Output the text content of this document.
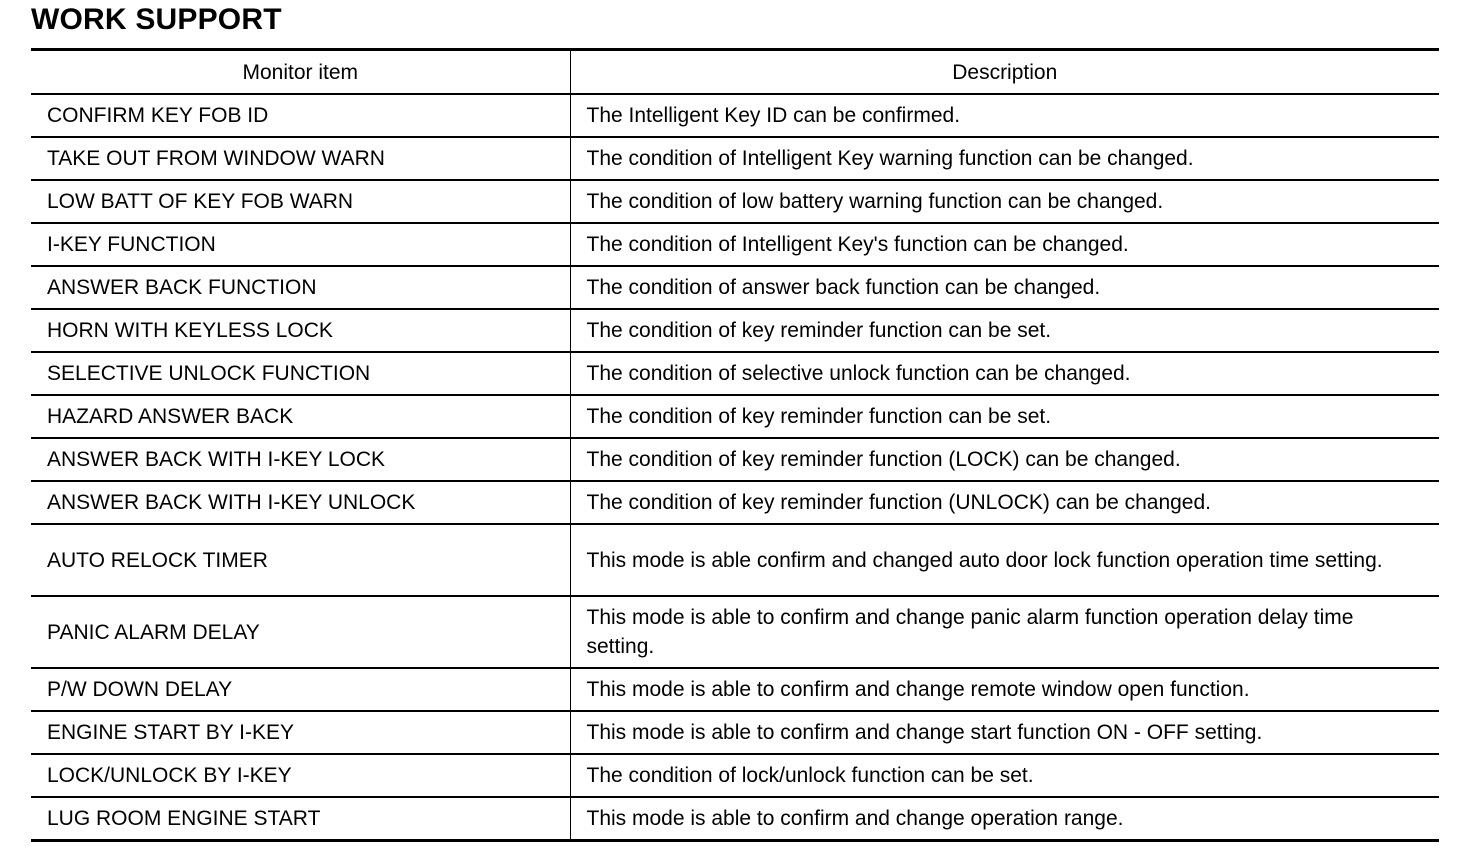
WORK SUPPORT
Monitor item	Description
CONFIRM KEY FOB ID	The Intelligent Key ID can be confirmed.
TAKE OUT FROM WINDOW WARN	The condition of Intelligent Key warning function can be changed.
LOW BATT OF KEY FOB WARN	The condition of low battery warning function can be changed.
I-KEY FUNCTION	The condition of Intelligent Key's function can be changed.
ANSWER BACK FUNCTION	The condition of answer back function can be changed.
HORN WITH KEYLESS LOCK	The condition of key reminder function can be set.
SELECTIVE UNLOCK FUNCTION	The condition of selective unlock function can be changed.
HAZARD ANSWER BACK	The condition of key reminder function can be set.
ANSWER BACK WITH I-KEY LOCK	The condition of key reminder function (LOCK) can be changed.
ANSWER BACK WITH I-KEY UNLOCK	The condition of key reminder function (UNLOCK) can be changed.
AUTO RELOCK TIMER	This mode is able confirm and changed auto door lock function operation time setting.
PANIC ALARM DELAY	This mode is able to confirm and change panic alarm function operation delay time setting.
P/W DOWN DELAY	This mode is able to confirm and change remote window open function.
ENGINE START BY I-KEY	This mode is able to confirm and change start function ON - OFF setting.
LOCK/UNLOCK BY I-KEY	The condition of lock/unlock function can be set.
LUG ROOM ENGINE START	This mode is able to confirm and change operation range.
